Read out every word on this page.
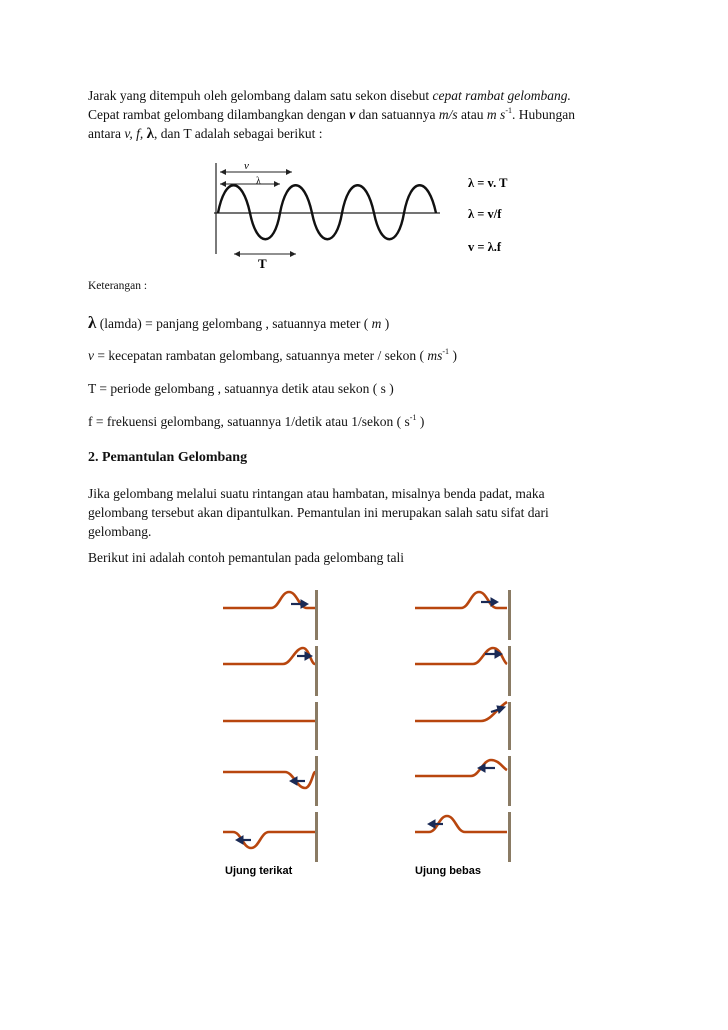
Jarak yang ditempuh oleh gelombang dalam satu sekon disebut cepat rambat gelombang.
Cepat rambat gelombang dilambangkan dengan v dan satuannya m/s atau m $s^{-1}$. Hubungan
antara v, f, λ, dan T adalah sebagai berikut :

v
λ
T
λ = v. T
λ = v/f
v = λ.f
Keterangan :
λ (lamda) = panjang gelombang , satuannya meter ( m )
v = kecepatan rambatan gelombang, satuannya meter / sekon ( $ms^{-1}$ )
T = periode gelombang , satuannya detik atau sekon ( s )
f = frekuensi gelombang, satuannya 1/detik atau 1/sekon ( $s^{-1}$ )
2. Pemantulan Gelombang

Jika gelombang melalui suatu rintangan atau hambatan, misalnya benda padat, maka
gelombang tersebut akan dipantulkan. Pemantulan ini merupakan salah satu sifat dari
gelombang.

Berikut ini adalah contoh pemantulan pada gelombang tali
Ujung terikat	Ujung bebas
